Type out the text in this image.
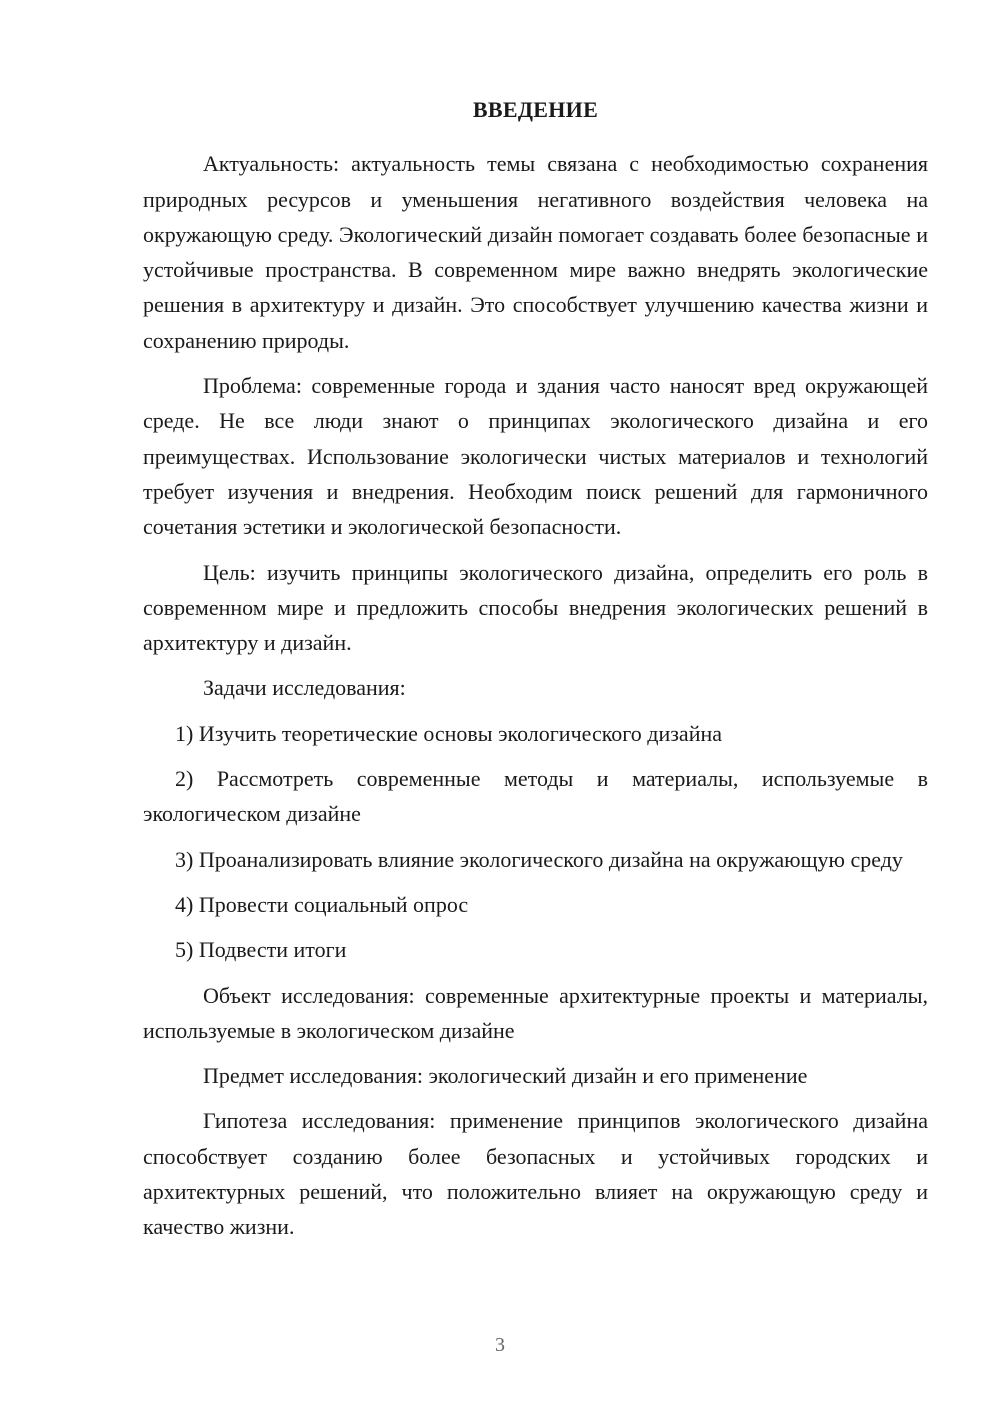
ВВЕДЕНИЕ

Актуальность: актуальность темы связана с необходимостью сохранения природных ресурсов и уменьшения негативного воздействия человека на окружающую среду. Экологический дизайн помогает создавать более безопасные и устойчивые пространства. В современном мире важно внедрять экологические решения в архитектуру и дизайн. Это способствует улучшению качества жизни и сохранению природы.

Проблема: современные города и здания часто наносят вред окружающей среде. Не все люди знают о принципах экологического дизайна и его преимуществах. Использование экологически чистых материалов и технологий требует изучения и внедрения. Необходим поиск решений для гармоничного сочетания эстетики и экологической безопасности.

Цель: изучить принципы экологического дизайна, определить его роль в современном мире и предложить способы внедрения экологических решений в архитектуру и дизайн.

Задачи исследования:

1) Изучить теоретические основы экологического дизайна

2) Рассмотреть современные методы и материалы, используемые в экологическом дизайне

3) Проанализировать влияние экологического дизайна на окружающую среду

4) Провести социальный опрос

5) Подвести итоги

Объект исследования: современные архитектурные проекты и материалы, используемые в экологическом дизайне

Предмет исследования: экологический дизайн и его применение

Гипотеза исследования: применение принципов экологического дизайна способствует созданию более безопасных и устойчивых городских и архитектурных решений, что положительно влияет на окружающую среду и качество жизни.

3
